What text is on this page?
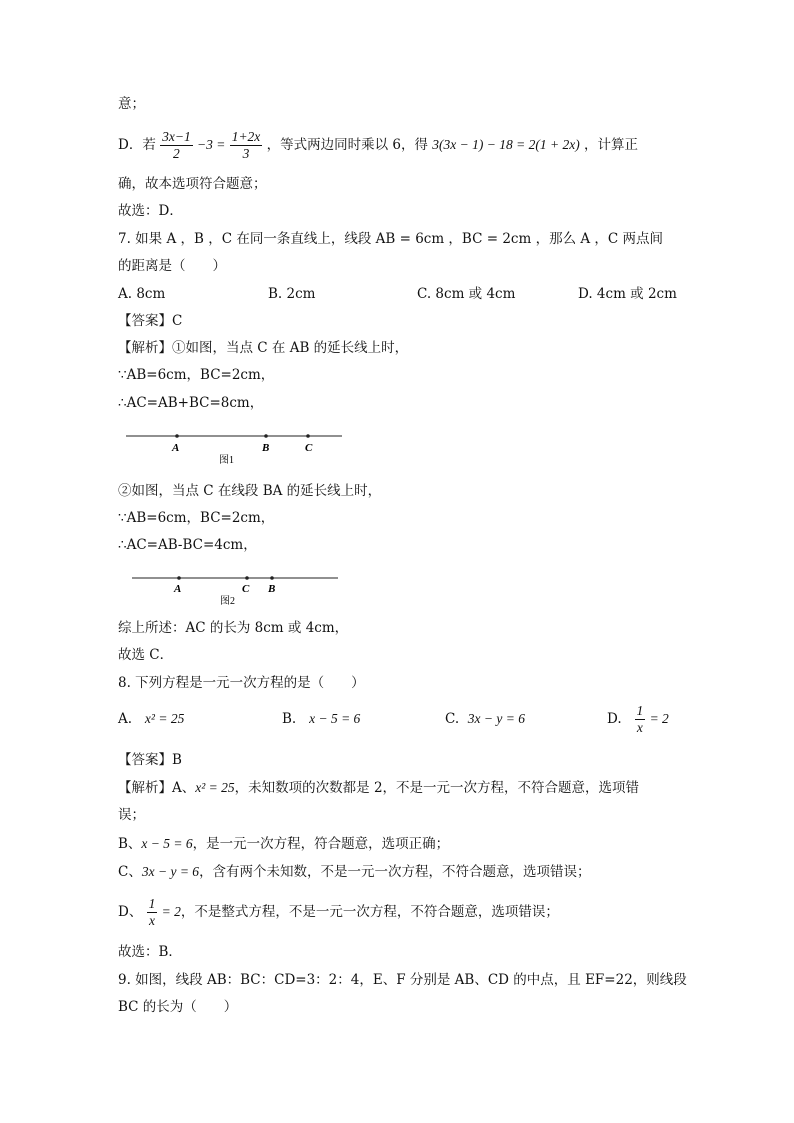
意；
D．若 $\frac{3x-1}{2} -3 = \frac{1+2x}{3}$ ，等式两边同时乘以 6，得 3(3x − 1) − 18 = 2(1 + 2x) ，计算正
确，故本选项符合题意；
故选：D．
7. 如果 A ，B ，C 在同一条直线上，线段 AB = 6cm ，BC = 2cm ，那么 A ，C 两点间
的距离是（　　）
A. 8cm	B. 2cm	C. 8cm 或 4cm	D. 4cm 或 2cm
【答案】C
【解析】①如图，当点 C 在 AB 的延长线上时，
∵AB=6cm，BC=2cm，
∴AC=AB+BC=8cm，
A	B	C
图1
②如图，当点 C 在线段 BA 的延长线上时，
∵AB=6cm，BC=2cm，
∴AC=AB-BC=4cm，
A	C B
图2
综上所述：AC 的长为 8cm 或 4cm，
故选 C．
8. 下列方程是一元一次方程的是（　　）
A. x² = 25	B. x − 5 = 6	C. 3x − y = 6	D. $\frac{1}{x} = 2$
【答案】B
【解析】A、x² = 25，未知数项的次数都是 2，不是一元一次方程，不符合题意，选项错
误；
B、x − 5 = 6，是一元一次方程，符合题意，选项正确；
C、3x − y = 6，含有两个未知数，不是一元一次方程，不符合题意，选项错误；
D、 $\frac{1}{x} = 2$，不是整式方程，不是一元一次方程，不符合题意，选项错误；
故选：B．
9. 如图，线段 AB：BC：CD=3：2：4，E、F 分别是 AB、CD 的中点，且 EF=22，则线段
BC 的长为（　　）
